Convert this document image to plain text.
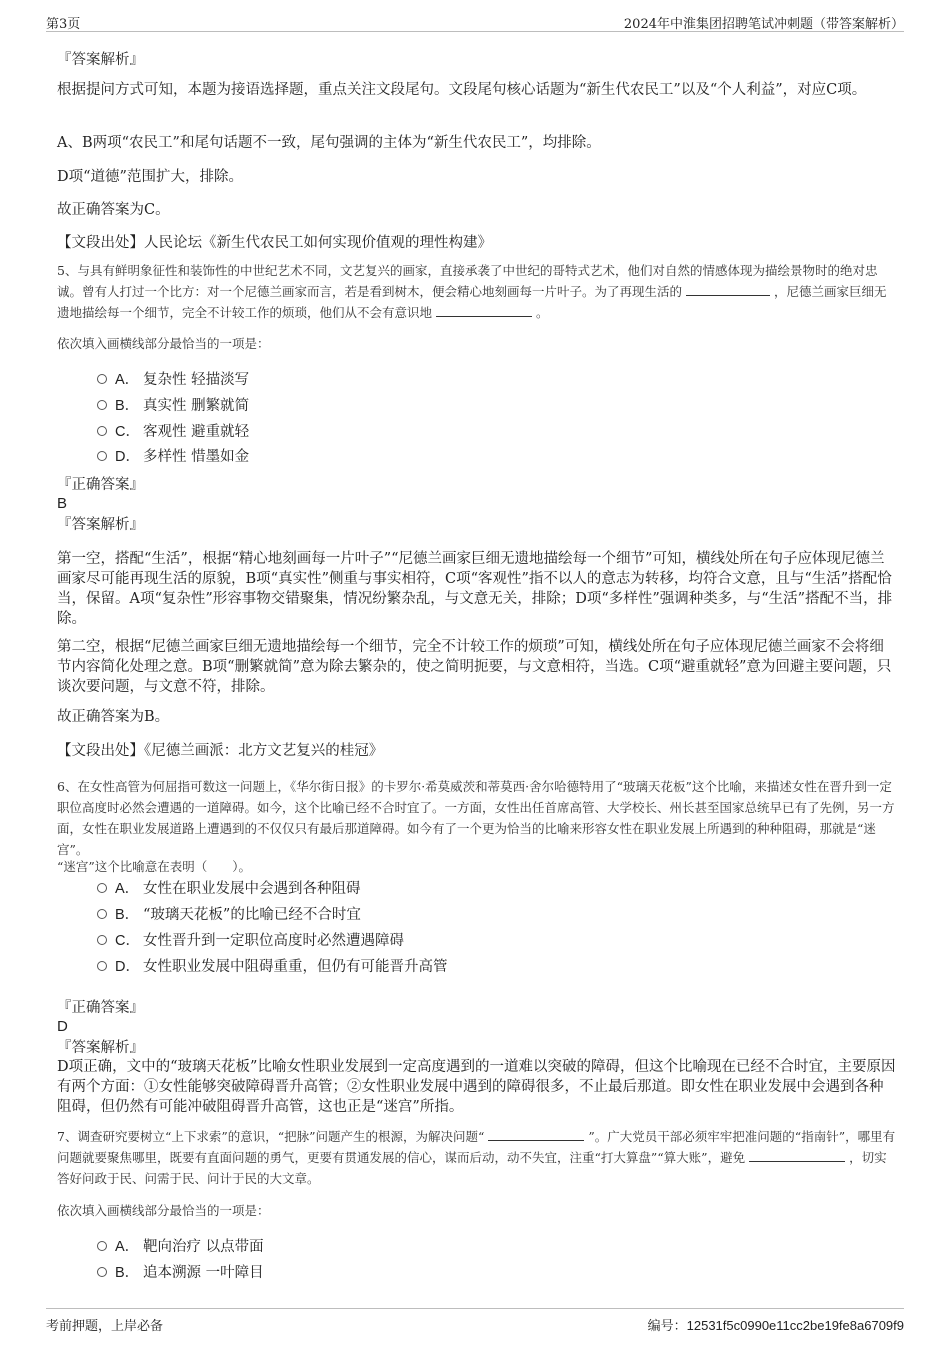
第3页	2024年中淮集团招聘笔试冲刺题（带答案解析）
『答案解析』
根据提问方式可知，本题为接语选择题，重点关注文段尾句。文段尾句核心话题为“新生代农民工”以及“个人利益”，对应C项。
A、B两项“农民工”和尾句话题不一致，尾句强调的主体为“新生代农民工”，均排除。
D项“道德”范围扩大，排除。
故正确答案为C。
【文段出处】人民论坛《新生代农民工如何实现价值观的理性构建》
5、与具有鲜明象征性和装饰性的中世纪艺术不同，文艺复兴的画家，直接承袭了中世纪的哥特式艺术，他们对自然的情感体现为描绘景物时的绝对忠诚。曾有人打过一个比方：对一个尼德兰画家而言，若是看到树木，便会精心地刻画每一片叶子。为了再现生活的	，尼德兰画家巨细无遗地描绘每一个细节，完全不计较工作的烦琐，他们从不会有意识地	。
依次填入画横线部分最恰当的一项是：
A． 复杂性 轻描淡写
B． 真实性 删繁就简
C． 客观性 避重就轻
D． 多样性 惜墨如金
『正确答案』
B
『答案解析』
第一空，搭配“生活”，根据“精心地刻画每一片叶子”“尼德兰画家巨细无遗地描绘每一个细节”可知，横线处所在句子应体现尼德兰画家尽可能再现生活的原貌，B项“真实性”侧重与事实相符，C项“客观性”指不以人的意志为转移，均符合文意，且与“生活”搭配恰当，保留。A项“复杂性”形容事物交错聚集，情况纷繁杂乱，与文意无关，排除；D项“多样性”强调种类多，与“生活”搭配不当，排除。
第二空，根据“尼德兰画家巨细无遗地描绘每一个细节，完全不计较工作的烦琐”可知，横线处所在句子应体现尼德兰画家不会将细节内容简化处理之意。B项“删繁就简”意为除去繁杂的，使之简明扼要，与文意相符，当选。C项“避重就轻”意为回避主要问题，只谈次要问题，与文意不符，排除。
故正确答案为B。
【文段出处】《尼德兰画派：北方文艺复兴的桂冠》
6、在女性高管为何屈指可数这一问题上，《华尔街日报》的卡罗尔·希莫威茨和蒂莫西·舍尔哈德特用了“玻璃天花板”这个比喻，来描述女性在晋升到一定职位高度时必然会遭遇的一道障碍。如今，这个比喻已经不合时宜了。一方面，女性出任首席高管、大学校长、州长甚至国家总统早已有了先例，另一方面，女性在职业发展道路上遭遇到的不仅仅只有最后那道障碍。如今有了一个更为恰当的比喻来形容女性在职业发展上所遇到的种种阻碍，那就是“迷宫”。
“迷宫”这个比喻意在表明（　　）。
A． 女性在职业发展中会遇到各种阻碍
B． “玻璃天花板”的比喻已经不合时宜
C． 女性晋升到一定职位高度时必然遭遇障碍
D． 女性职业发展中阻碍重重，但仍有可能晋升高管
『正确答案』
D
『答案解析』
D项正确，文中的“玻璃天花板”比喻女性职业发展到一定高度遇到的一道难以突破的障碍，但这个比喻现在已经不合时宜，主要原因有两个方面：①女性能够突破障碍晋升高管；②女性职业发展中遇到的障碍很多，不止最后那道。即女性在职业发展中会遇到各种阻碍，但仍然有可能冲破阻碍晋升高管，这也正是“迷宫”所指。
7、调查研究要树立“上下求索”的意识，“把脉”问题产生的根源，为解决问题“	”。广大党员干部必须牢牢把准问题的“指南针”，哪里有问题就要聚焦哪里，既要有直面问题的勇气，更要有贯通发展的信心，谋而后动，动不失宜，注重“打大算盘”“算大账”，避免	，切实答好问政于民、问需于民、问计于民的大文章。
依次填入画横线部分最恰当的一项是：
A． 靶向治疗 以点带面
B． 追本溯源 一叶障目
考前押题，上岸必备	编号：12531f5c0990e11cc2be19fe8a6709f9
